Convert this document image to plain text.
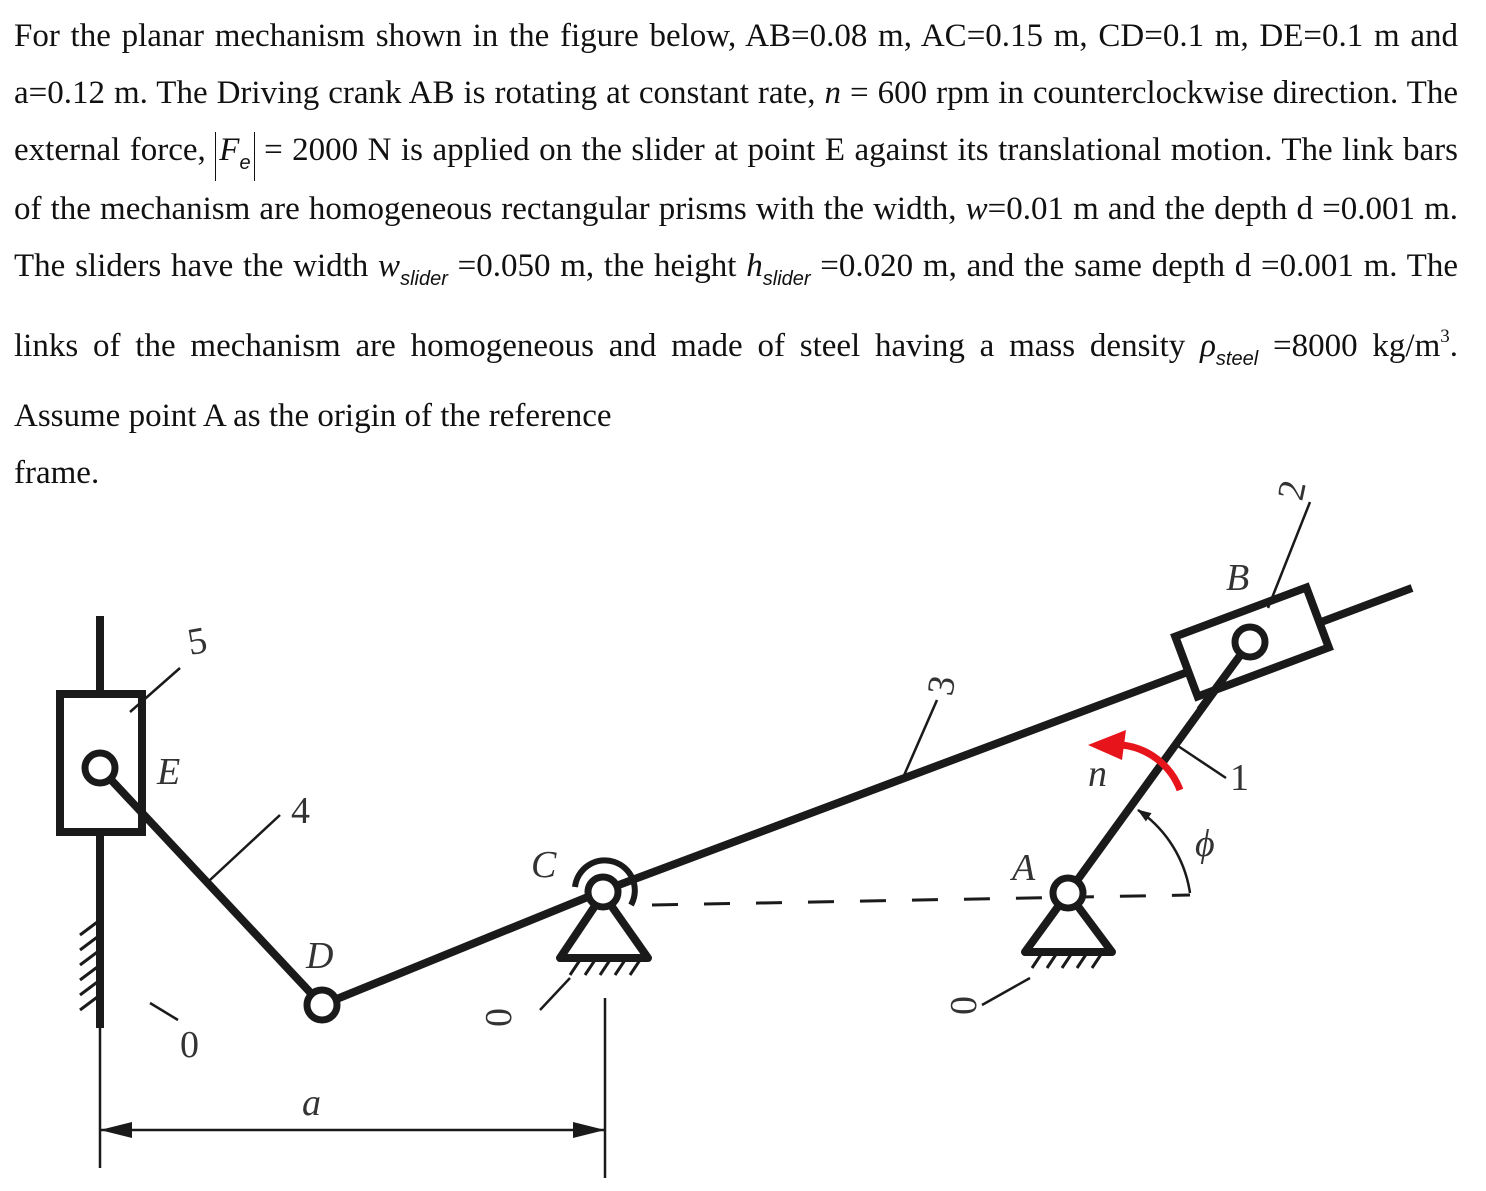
For the planar mechanism shown in the figure below, AB=0.08 m, AC=0.15 m, CD=0.1 m, DE=0.1 m and a=0.12 m. The Driving crank AB is rotating at constant rate, n = 600 rpm in counterclockwise direction. The external force, $F_e = 2000$ N is applied on the slider at point E against its translational motion. The link bars of the mechanism are homogeneous rectangular prisms with the width, w=0.01 m and the depth d =0.001 m. The sliders have the width $w_{slider} =0.050$ m, the height $h_{slider} =0.020$ m, and the same depth d =0.001 m. The links of the mechanism are homogeneous and made of steel having a mass density $\rho_{steel} =8000$ $kg/m^3$. Assume point A as the origin of the reference
frame.
B
E
D
C	A
n
ϕ
a
1
2
3
4
5
0
0
0
